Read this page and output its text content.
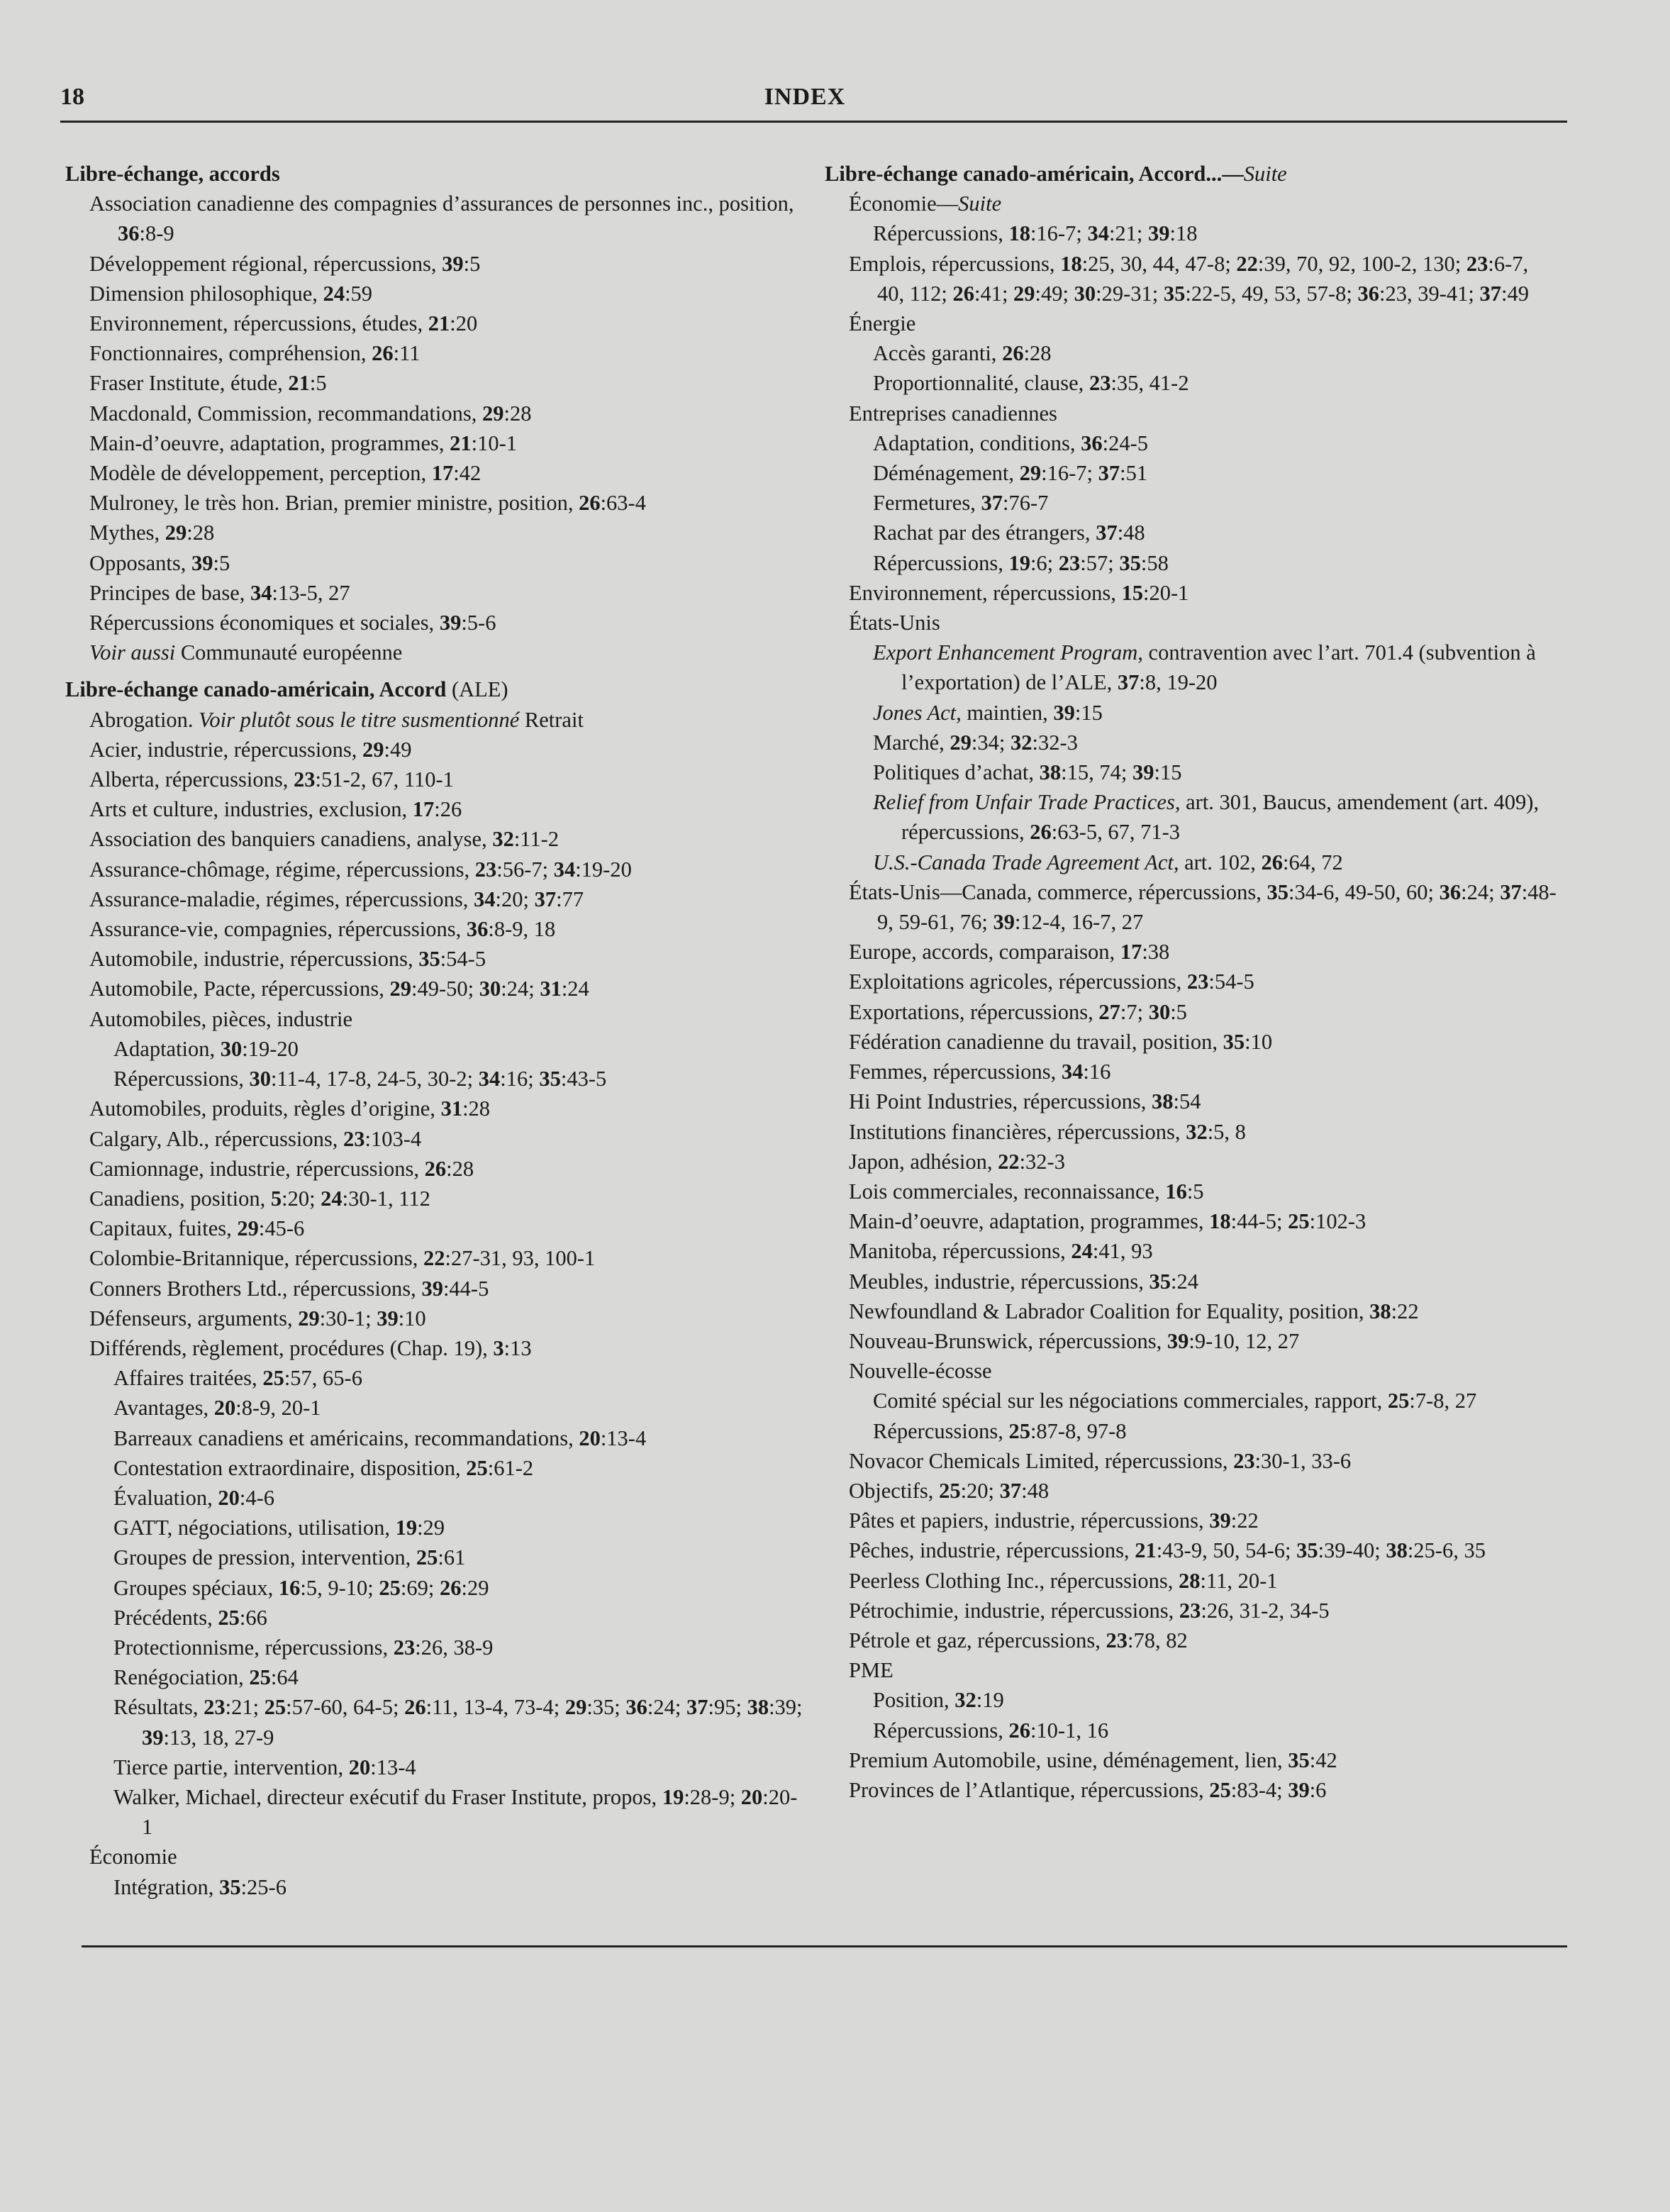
18	INDEX

Libre-échange, accords

Association canadienne des compagnies d’assurances de personnes inc., position, 36:8-9

Développement régional, répercussions, 39:5

Dimension philosophique, 24:59

Environnement, répercussions, études, 21:20

Fonctionnaires, compréhension, 26:11

Fraser Institute, étude, 21:5

Macdonald, Commission, recommandations, 29:28

Main-d’oeuvre, adaptation, programmes, 21:10-1

Modèle de développement, perception, 17:42

Mulroney, le très hon. Brian, premier ministre, position, 26:63-4

Mythes, 29:28

Opposants, 39:5

Principes de base, 34:13-5, 27

Répercussions économiques et sociales, 39:5-6

Voir aussi Communauté européenne

Libre-échange canado-américain, Accord (ALE)

Abrogation. Voir plutôt sous le titre susmentionné Retrait

Acier, industrie, répercussions, 29:49

Alberta, répercussions, 23:51-2, 67, 110-1

Arts et culture, industries, exclusion, 17:26

Association des banquiers canadiens, analyse, 32:11-2

Assurance-chômage, régime, répercussions, 23:56-7; 34:19-20

Assurance-maladie, régimes, répercussions, 34:20; 37:77

Assurance-vie, compagnies, répercussions, 36:8-9, 18

Automobile, industrie, répercussions, 35:54-5

Automobile, Pacte, répercussions, 29:49-50; 30:24; 31:24

Automobiles, pièces, industrie

Adaptation, 30:19-20

Répercussions, 30:11-4, 17-8, 24-5, 30-2; 34:16; 35:43-5

Automobiles, produits, règles d’origine, 31:28

Calgary, Alb., répercussions, 23:103-4

Camionnage, industrie, répercussions, 26:28

Canadiens, position, 5:20; 24:30-1, 112

Capitaux, fuites, 29:45-6

Colombie-Britannique, répercussions, 22:27-31, 93, 100-1

Conners Brothers Ltd., répercussions, 39:44-5

Défenseurs, arguments, 29:30-1; 39:10

Différends, règlement, procédures (Chap. 19), 3:13

Affaires traitées, 25:57, 65-6

Avantages, 20:8-9, 20-1

Barreaux canadiens et américains, recommandations, 20:13-4

Contestation extraordinaire, disposition, 25:61-2

Évaluation, 20:4-6

GATT, négociations, utilisation, 19:29

Groupes de pression, intervention, 25:61

Groupes spéciaux, 16:5, 9-10; 25:69; 26:29

Précédents, 25:66

Protectionnisme, répercussions, 23:26, 38-9

Renégociation, 25:64

Résultats, 23:21; 25:57-60, 64-5; 26:11, 13-4, 73-4; 29:35; 36:24; 37:95; 38:39; 39:13, 18, 27-9

Tierce partie, intervention, 20:13-4

Walker, Michael, directeur exécutif du Fraser Institute, propos, 19:28-9; 20:20-1

Économie

Intégration, 35:25-6

Libre-échange canado-américain, Accord...—Suite

Économie—Suite

Répercussions, 18:16-7; 34:21; 39:18

Emplois, répercussions, 18:25, 30, 44, 47-8; 22:39, 70, 92, 100-2, 130; 23:6-7, 40, 112; 26:41; 29:49; 30:29-31; 35:22-5, 49, 53, 57-8; 36:23, 39-41; 37:49

Énergie

Accès garanti, 26:28

Proportionnalité, clause, 23:35, 41-2

Entreprises canadiennes

Adaptation, conditions, 36:24-5

Déménagement, 29:16-7; 37:51

Fermetures, 37:76-7

Rachat par des étrangers, 37:48

Répercussions, 19:6; 23:57; 35:58

Environnement, répercussions, 15:20-1

États-Unis

Export Enhancement Program, contravention avec l’art. 701.4 (subvention à l’exportation) de l’ALE, 37:8, 19-20

Jones Act, maintien, 39:15

Marché, 29:34; 32:32-3

Politiques d’achat, 38:15, 74; 39:15

Relief from Unfair Trade Practices, art. 301, Baucus, amendement (art. 409), répercussions, 26:63-5, 67, 71-3

U.S.-Canada Trade Agreement Act, art. 102, 26:64, 72

États-Unis—Canada, commerce, répercussions, 35:34-6, 49-50, 60; 36:24; 37:48-9, 59-61, 76; 39:12-4, 16-7, 27

Europe, accords, comparaison, 17:38

Exploitations agricoles, répercussions, 23:54-5

Exportations, répercussions, 27:7; 30:5

Fédération canadienne du travail, position, 35:10

Femmes, répercussions, 34:16

Hi Point Industries, répercussions, 38:54

Institutions financières, répercussions, 32:5, 8

Japon, adhésion, 22:32-3

Lois commerciales, reconnaissance, 16:5

Main-d’oeuvre, adaptation, programmes, 18:44-5; 25:102-3

Manitoba, répercussions, 24:41, 93

Meubles, industrie, répercussions, 35:24

Newfoundland & Labrador Coalition for Equality, position, 38:22

Nouveau-Brunswick, répercussions, 39:9-10, 12, 27

Nouvelle-écosse

Comité spécial sur les négociations commerciales, rapport, 25:7-8, 27

Répercussions, 25:87-8, 97-8

Novacor Chemicals Limited, répercussions, 23:30-1, 33-6

Objectifs, 25:20; 37:48

Pâtes et papiers, industrie, répercussions, 39:22

Pêches, industrie, répercussions, 21:43-9, 50, 54-6; 35:39-40; 38:25-6, 35

Peerless Clothing Inc., répercussions, 28:11, 20-1

Pétrochimie, industrie, répercussions, 23:26, 31-2, 34-5

Pétrole et gaz, répercussions, 23:78, 82

PME

Position, 32:19

Répercussions, 26:10-1, 16

Premium Automobile, usine, déménagement, lien, 35:42

Provinces de l’Atlantique, répercussions, 25:83-4; 39:6
